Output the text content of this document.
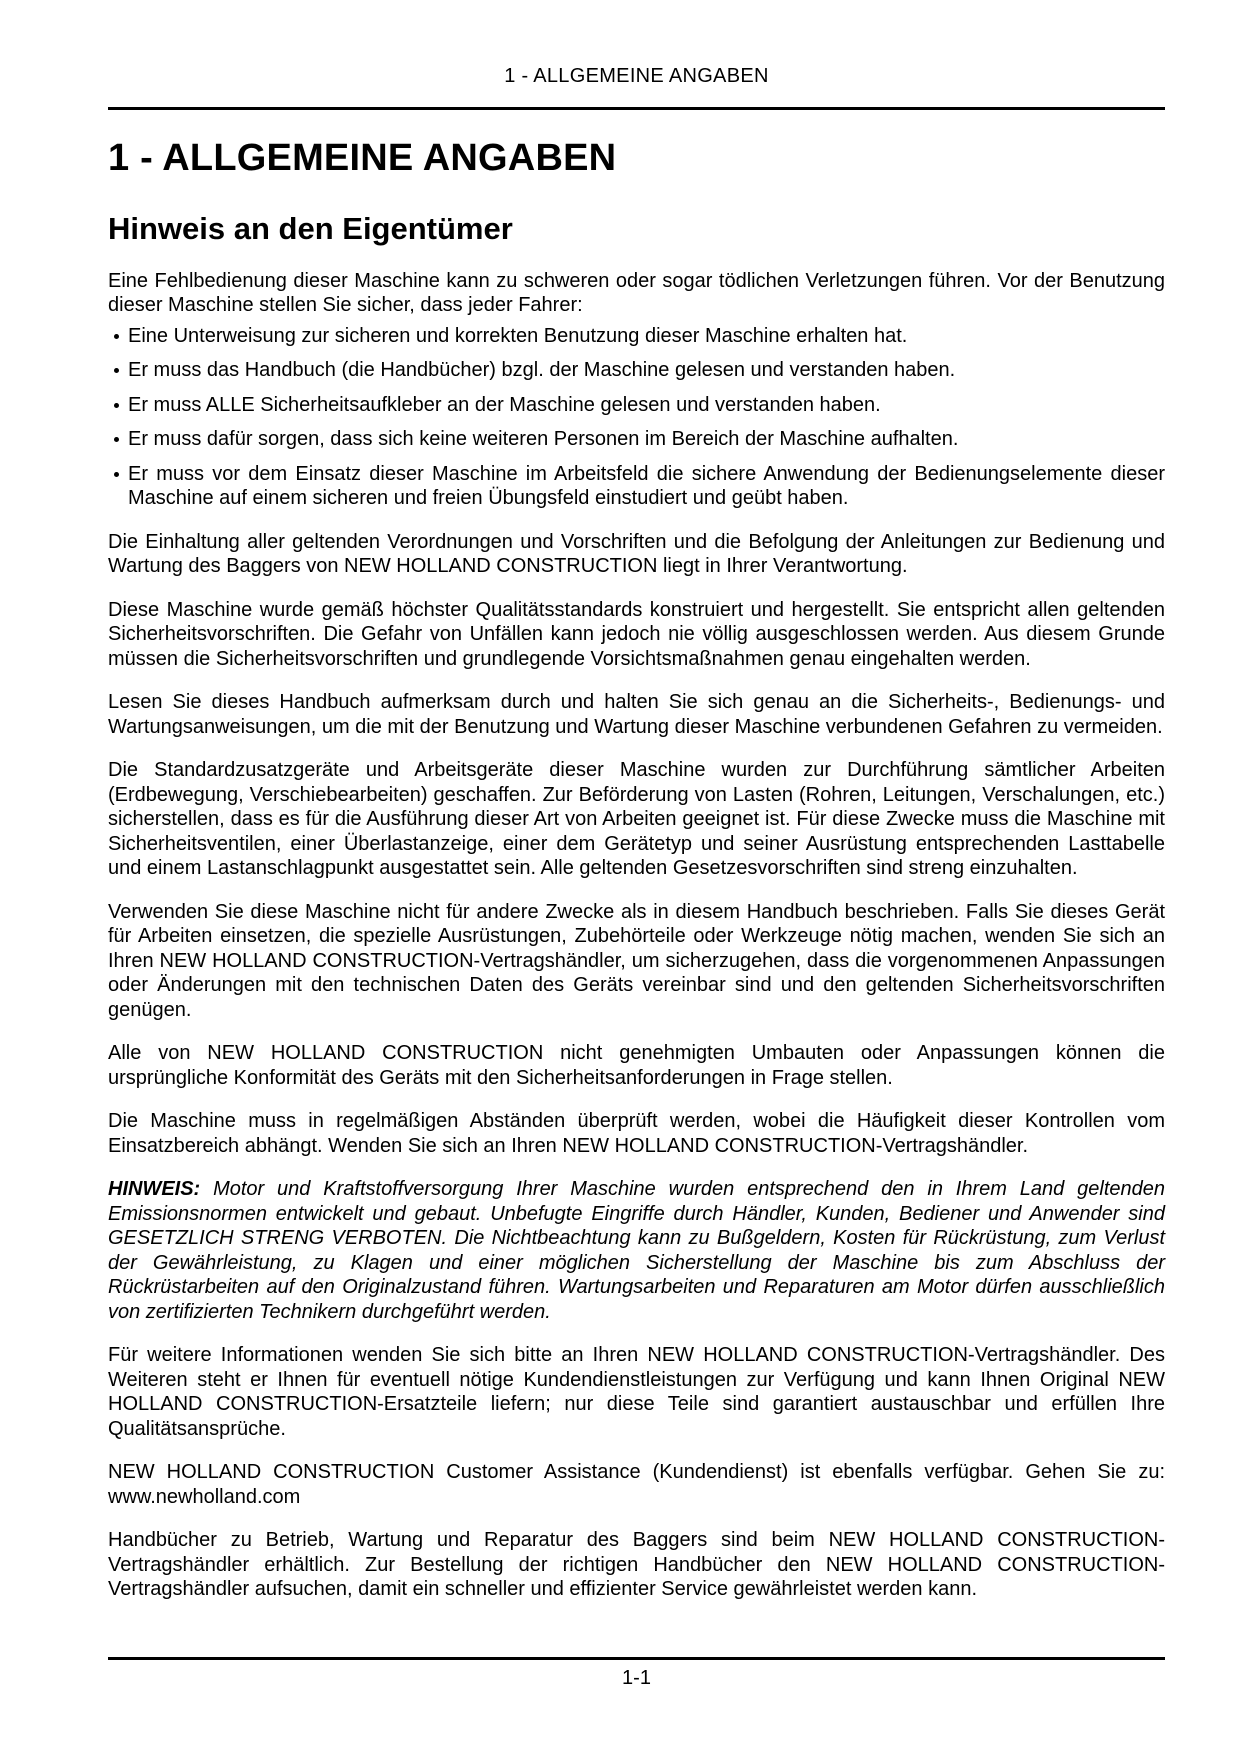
1 - ALLGEMEINE ANGABEN
1 - ALLGEMEINE ANGABEN
Hinweis an den Eigentümer

Eine Fehlbedienung dieser Maschine kann zu schweren oder sogar tödlichen Verletzungen führen. Vor der Benutzung dieser Maschine stellen Sie sicher, dass jeder Fahrer:

Eine Unterweisung zur sicheren und korrekten Benutzung dieser Maschine erhalten hat.
Er muss das Handbuch (die Handbücher) bzgl. der Maschine gelesen und verstanden haben.
Er muss ALLE Sicherheitsaufkleber an der Maschine gelesen und verstanden haben.
Er muss dafür sorgen, dass sich keine weiteren Personen im Bereich der Maschine aufhalten.
Er muss vor dem Einsatz dieser Maschine im Arbeitsfeld die sichere Anwendung der Bedienungselemente dieser Maschine auf einem sicheren und freien Übungsfeld einstudiert und geübt haben.

Die Einhaltung aller geltenden Verordnungen und Vorschriften und die Befolgung der Anleitungen zur Bedienung und Wartung des Baggers von NEW HOLLAND CONSTRUCTION liegt in Ihrer Verantwortung.

Diese Maschine wurde gemäß höchster Qualitätsstandards konstruiert und hergestellt. Sie entspricht allen geltenden Sicherheitsvorschriften. Die Gefahr von Unfällen kann jedoch nie völlig ausgeschlossen werden. Aus diesem Grunde müssen die Sicherheitsvorschriften und grundlegende Vorsichtsmaßnahmen genau eingehalten werden.

Lesen Sie dieses Handbuch aufmerksam durch und halten Sie sich genau an die Sicherheits-, Bedienungs- und Wartungsanweisungen, um die mit der Benutzung und Wartung dieser Maschine verbundenen Gefahren zu vermeiden.

Die Standardzusatzgeräte und Arbeitsgeräte dieser Maschine wurden zur Durchführung sämtlicher Arbeiten (Erdbewegung, Verschiebearbeiten) geschaffen. Zur Beförderung von Lasten (Rohren, Leitungen, Verschalungen, etc.) sicherstellen, dass es für die Ausführung dieser Art von Arbeiten geeignet ist. Für diese Zwecke muss die Maschine mit Sicherheitsventilen, einer Überlastanzeige, einer dem Gerätetyp und seiner Ausrüstung entsprechenden Lasttabelle und einem Lastanschlagpunkt ausgestattet sein. Alle geltenden Gesetzesvorschriften sind streng einzuhalten.

Verwenden Sie diese Maschine nicht für andere Zwecke als in diesem Handbuch beschrieben. Falls Sie dieses Gerät für Arbeiten einsetzen, die spezielle Ausrüstungen, Zubehörteile oder Werkzeuge nötig machen, wenden Sie sich an Ihren NEW HOLLAND CONSTRUCTION-Vertragshändler, um sicherzugehen, dass die vorgenommenen Anpassungen oder Änderungen mit den technischen Daten des Geräts vereinbar sind und den geltenden Sicherheitsvorschriften genügen.

Alle von NEW HOLLAND CONSTRUCTION nicht genehmigten Umbauten oder Anpassungen können die ursprüngliche Konformität des Geräts mit den Sicherheitsanforderungen in Frage stellen.

Die Maschine muss in regelmäßigen Abständen überprüft werden, wobei die Häufigkeit dieser Kontrollen vom Einsatzbereich abhängt. Wenden Sie sich an Ihren NEW HOLLAND CONSTRUCTION-Vertragshändler.

HINWEIS: Motor und Kraftstoffversorgung Ihrer Maschine wurden entsprechend den in Ihrem Land geltenden Emissionsnormen entwickelt und gebaut. Unbefugte Eingriffe durch Händler, Kunden, Bediener und Anwender sind GESETZLICH STRENG VERBOTEN. Die Nichtbeachtung kann zu Bußgeldern, Kosten für Rückrüstung, zum Verlust der Gewährleistung, zu Klagen und einer möglichen Sicherstellung der Maschine bis zum Abschluss der Rückrüstarbeiten auf den Originalzustand führen. Wartungsarbeiten und Reparaturen am Motor dürfen ausschließlich von zertifizierten Technikern durchgeführt werden.

Für weitere Informationen wenden Sie sich bitte an Ihren NEW HOLLAND CONSTRUCTION-Vertragshändler. Des Weiteren steht er Ihnen für eventuell nötige Kundendienstleistungen zur Verfügung und kann Ihnen Original NEW HOLLAND CONSTRUCTION-Ersatzteile liefern; nur diese Teile sind garantiert austauschbar und erfüllen Ihre Qualitätsansprüche.

NEW HOLLAND CONSTRUCTION Customer Assistance (Kundendienst) ist ebenfalls verfügbar. Gehen Sie zu: www.newholland.com

Handbücher zu Betrieb, Wartung und Reparatur des Baggers sind beim NEW HOLLAND CONSTRUCTION-Vertragshändler erhältlich. Zur Bestellung der richtigen Handbücher den NEW HOLLAND CONSTRUCTION-Vertragshändler aufsuchen, damit ein schneller und effizienter Service gewährleistet werden kann.

1-1
